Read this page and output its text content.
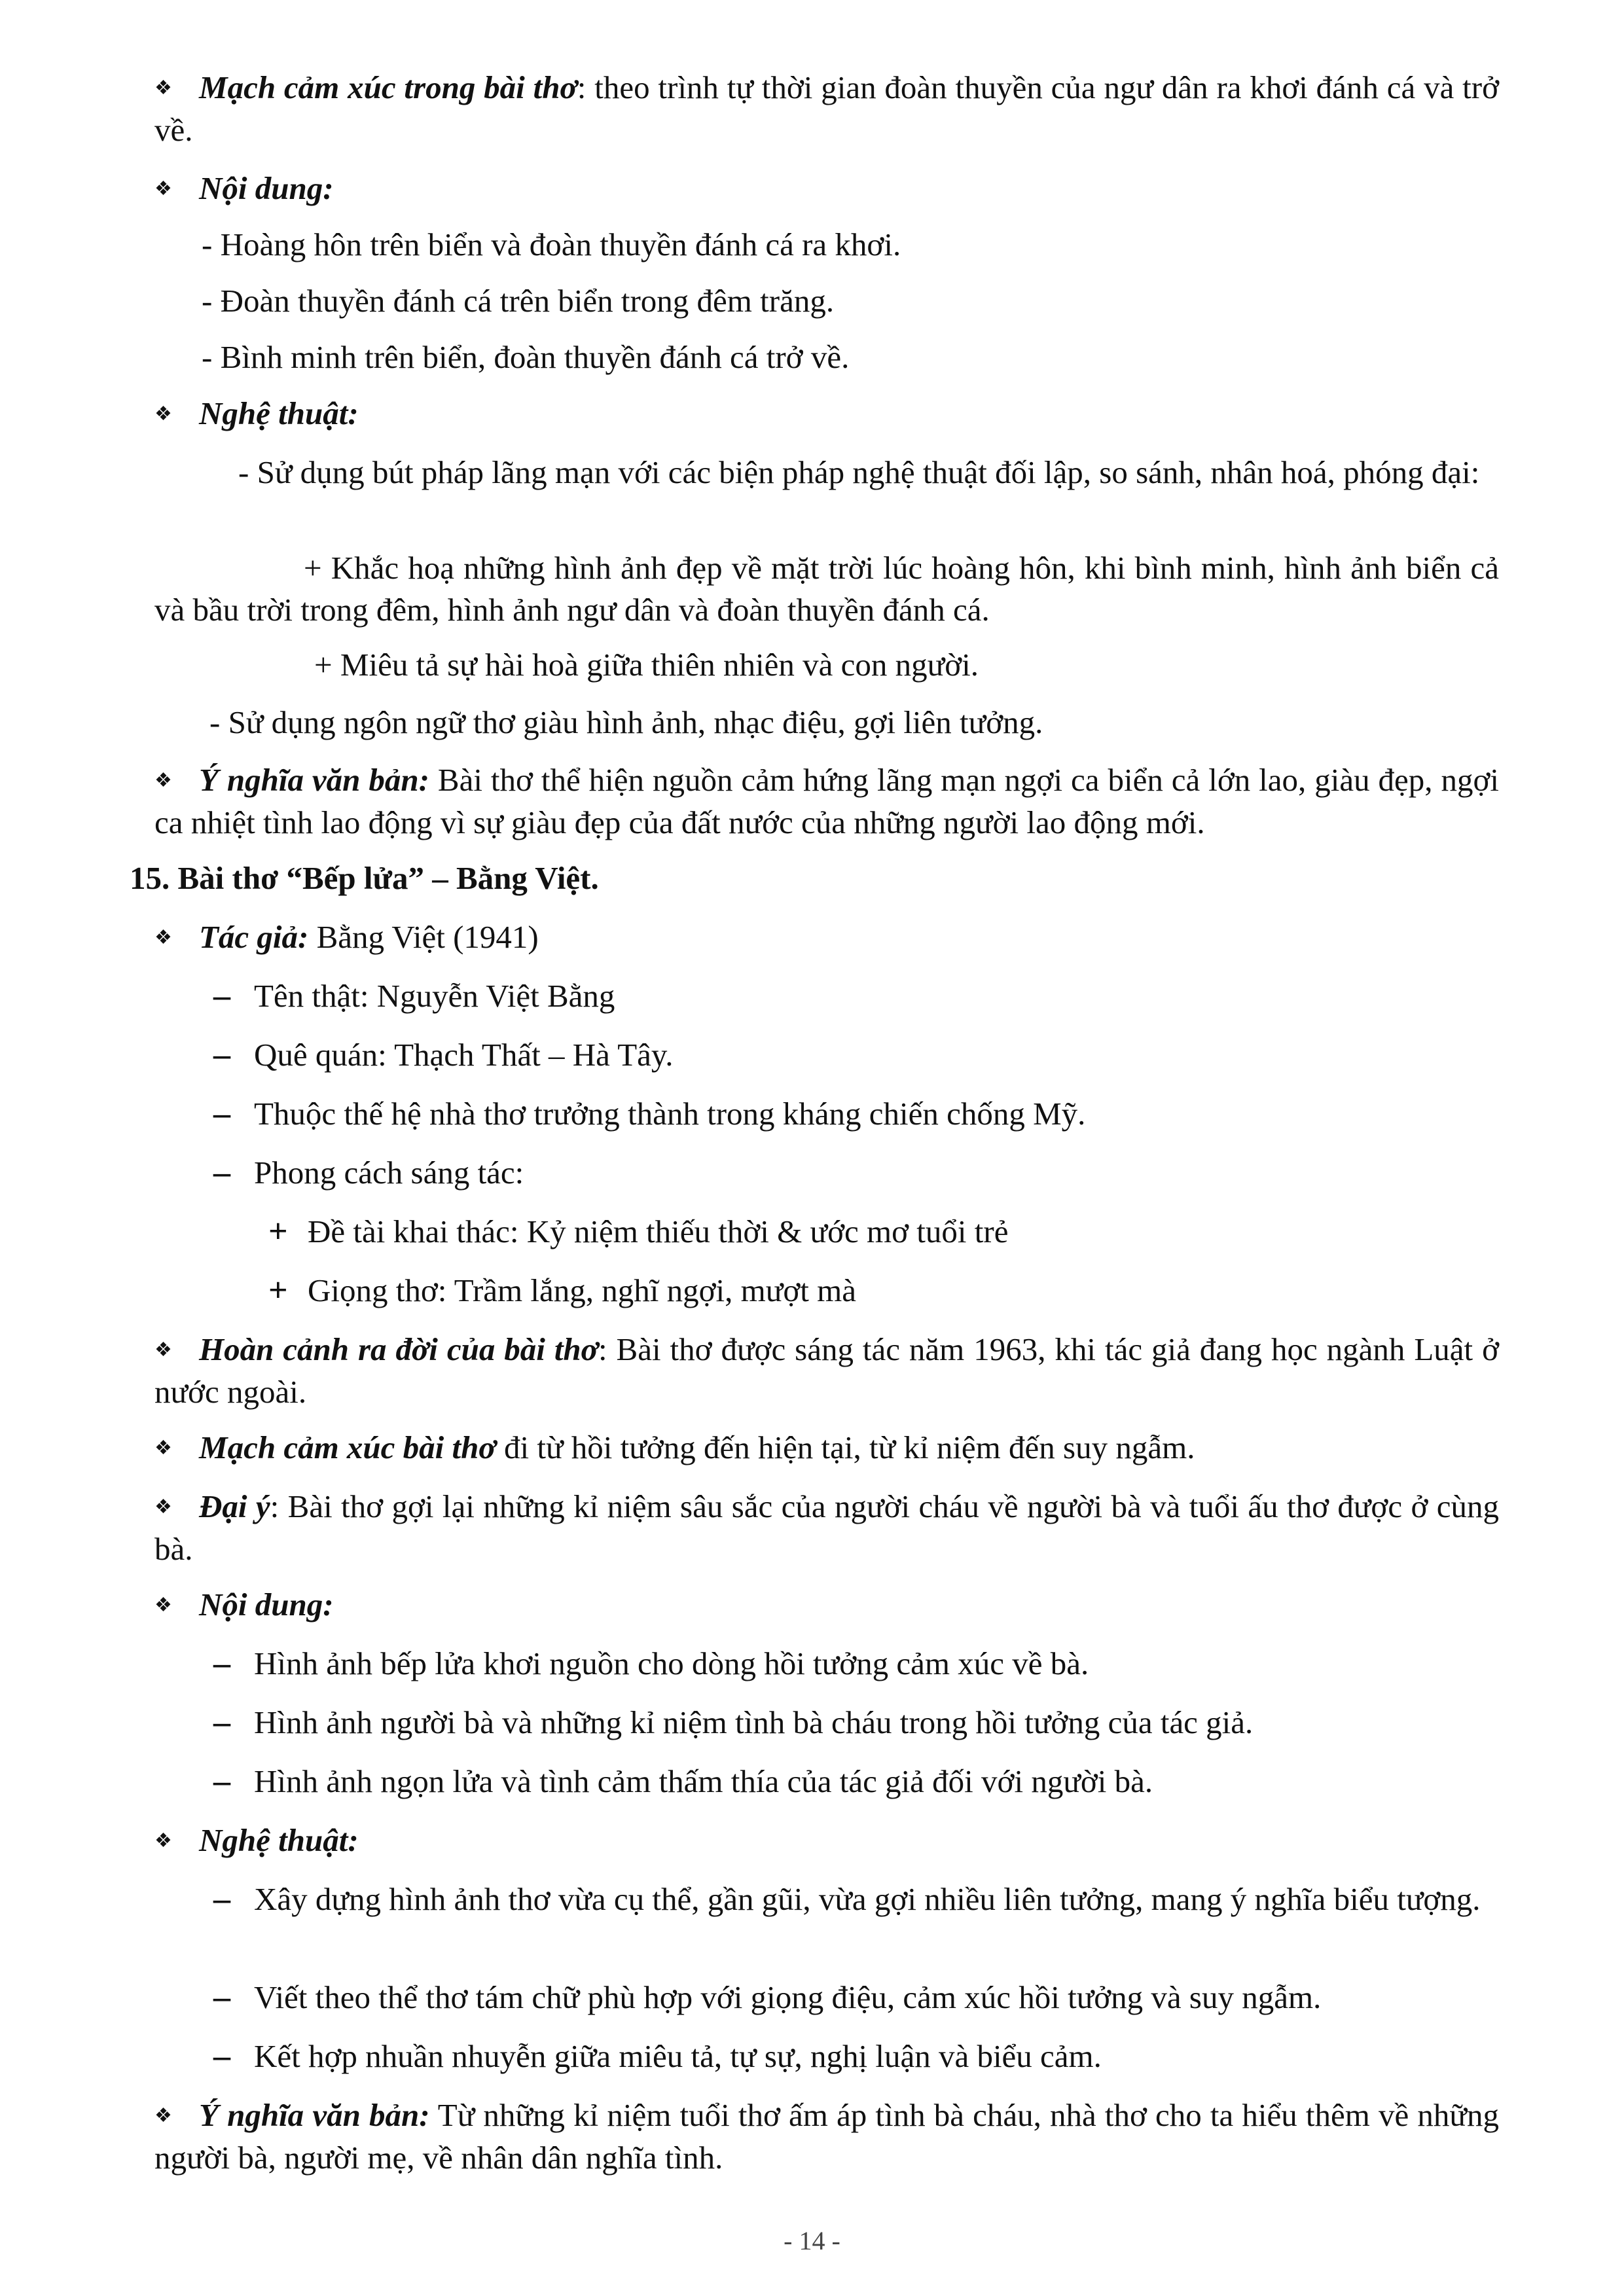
❖ Mạch cảm xúc trong bài thơ: theo trình tự thời gian đoàn thuyền của ngư dân ra khơi đánh cá và trở về.
❖ Nội dung:
- Hoàng hôn trên biển và đoàn thuyền đánh cá ra khơi.
- Đoàn thuyền đánh cá trên biển trong đêm trăng.
- Bình minh trên biển, đoàn thuyền đánh cá trở về.
❖ Nghệ thuật:
- Sử dụng bút pháp lãng mạn với các biện pháp nghệ thuật đối lập, so sánh, nhân hoá, phóng đại:
+ Khắc hoạ những hình ảnh đẹp về mặt trời lúc hoàng hôn, khi bình minh, hình ảnh biển cả và bầu trời trong đêm, hình ảnh ngư dân và đoàn thuyền đánh cá.
+ Miêu tả sự hài hoà giữa thiên nhiên và con người.
- Sử dụng ngôn ngữ thơ giàu hình ảnh, nhạc điệu, gợi liên tưởng.
❖ Ý nghĩa văn bản: Bài thơ thể hiện nguồn cảm hứng lãng mạn ngợi ca biển cả lớn lao, giàu đẹp, ngợi ca nhiệt tình lao động vì sự giàu đẹp của đất nước của những người lao động mới.
15. Bài thơ “Bếp lửa” – Bằng Việt.
❖ Tác giả: Bằng Việt (1941)
– Tên thật: Nguyễn Việt Bằng
– Quê quán: Thạch Thất – Hà Tây.
– Thuộc thế hệ nhà thơ trưởng thành trong kháng chiến chống Mỹ.
– Phong cách sáng tác:
+ Đề tài khai thác: Kỷ niệm thiếu thời & ước mơ tuổi trẻ
+ Giọng thơ: Trầm lắng, nghĩ ngợi, mượt mà
❖ Hoàn cảnh ra đời của bài thơ: Bài thơ được sáng tác năm 1963, khi tác giả đang học ngành Luật ở nước ngoài.
❖ Mạch cảm xúc bài thơ đi từ hồi tưởng đến hiện tại, từ kỉ niệm đến suy ngẫm.
❖ Đại ý: Bài thơ gợi lại những kỉ niệm sâu sắc của người cháu về người bà và tuổi ấu thơ được ở cùng bà.
❖ Nội dung:
– Hình ảnh bếp lửa khơi nguồn cho dòng hồi tưởng cảm xúc về bà.
– Hình ảnh người bà và những kỉ niệm tình bà cháu trong hồi tưởng của tác giả.
– Hình ảnh ngọn lửa và tình cảm thấm thía của tác giả đối với người bà.
❖ Nghệ thuật:
– Xây dựng hình ảnh thơ vừa cụ thể, gần gũi, vừa gợi nhiều liên tưởng, mang ý nghĩa biểu tượng.
– Viết theo thể thơ tám chữ phù hợp với giọng điệu, cảm xúc hồi tưởng và suy ngẫm.
– Kết hợp nhuần nhuyễn giữa miêu tả, tự sự, nghị luận và biểu cảm.
❖ Ý nghĩa văn bản: Từ những kỉ niệm tuổi thơ ấm áp tình bà cháu, nhà thơ cho ta hiểu thêm về những người bà, người mẹ, về nhân dân nghĩa tình.
- 14 -
